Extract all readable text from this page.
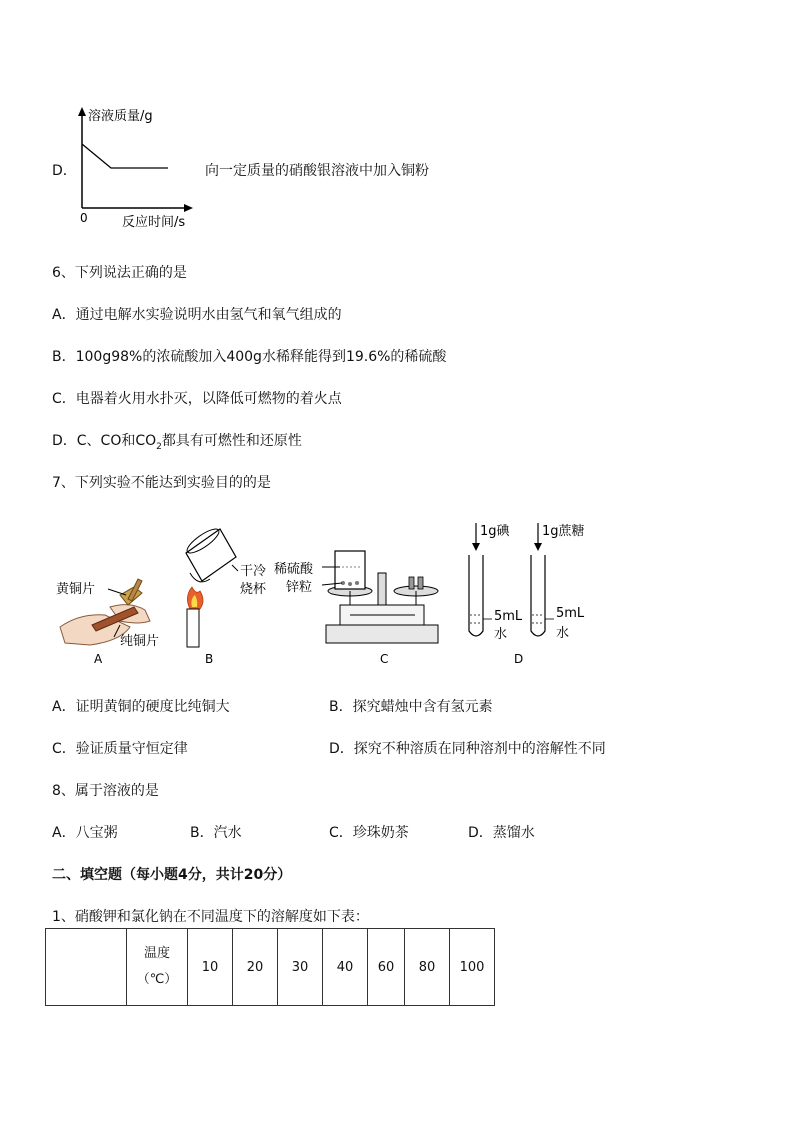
D．
溶液质量/g
0	反应时间/s
向一定质量的硝酸银溶液中加入铜粉
6、下列说法正确的是
A．通过电解水实验说明水由氢气和氧气组成的
B．100g98%的浓硫酸加入400g水稀释能得到19.6%的稀硫酸
C．电器着火用水扑灭，以降低可燃物的着火点
D．C、CO和$CO_2$都具有可燃性和还原性
7、下列实验不能达到实验目的的是
黄铜片
纯铜片
A
干冷
烧杯
B
稀硫酸
锌粒
C
1g碘
5mL
水
1g蔗糖
5mL
水
D
A．证明黄铜的硬度比纯铜大	B．探究蜡烛中含有氢元素
C．验证质量守恒定律	D．探究不种溶质在同种溶剂中的溶解性不同
8、属于溶液的是
A．八宝粥	B．汽水	C．珍珠奶茶	D．蒸馏水
二、填空题（每小题4分，共计20分）
1、硝酸钾和氯化钠在不同温度下的溶解度如下表：

温度
（℃）
	10	20	30	40	60	80	100
